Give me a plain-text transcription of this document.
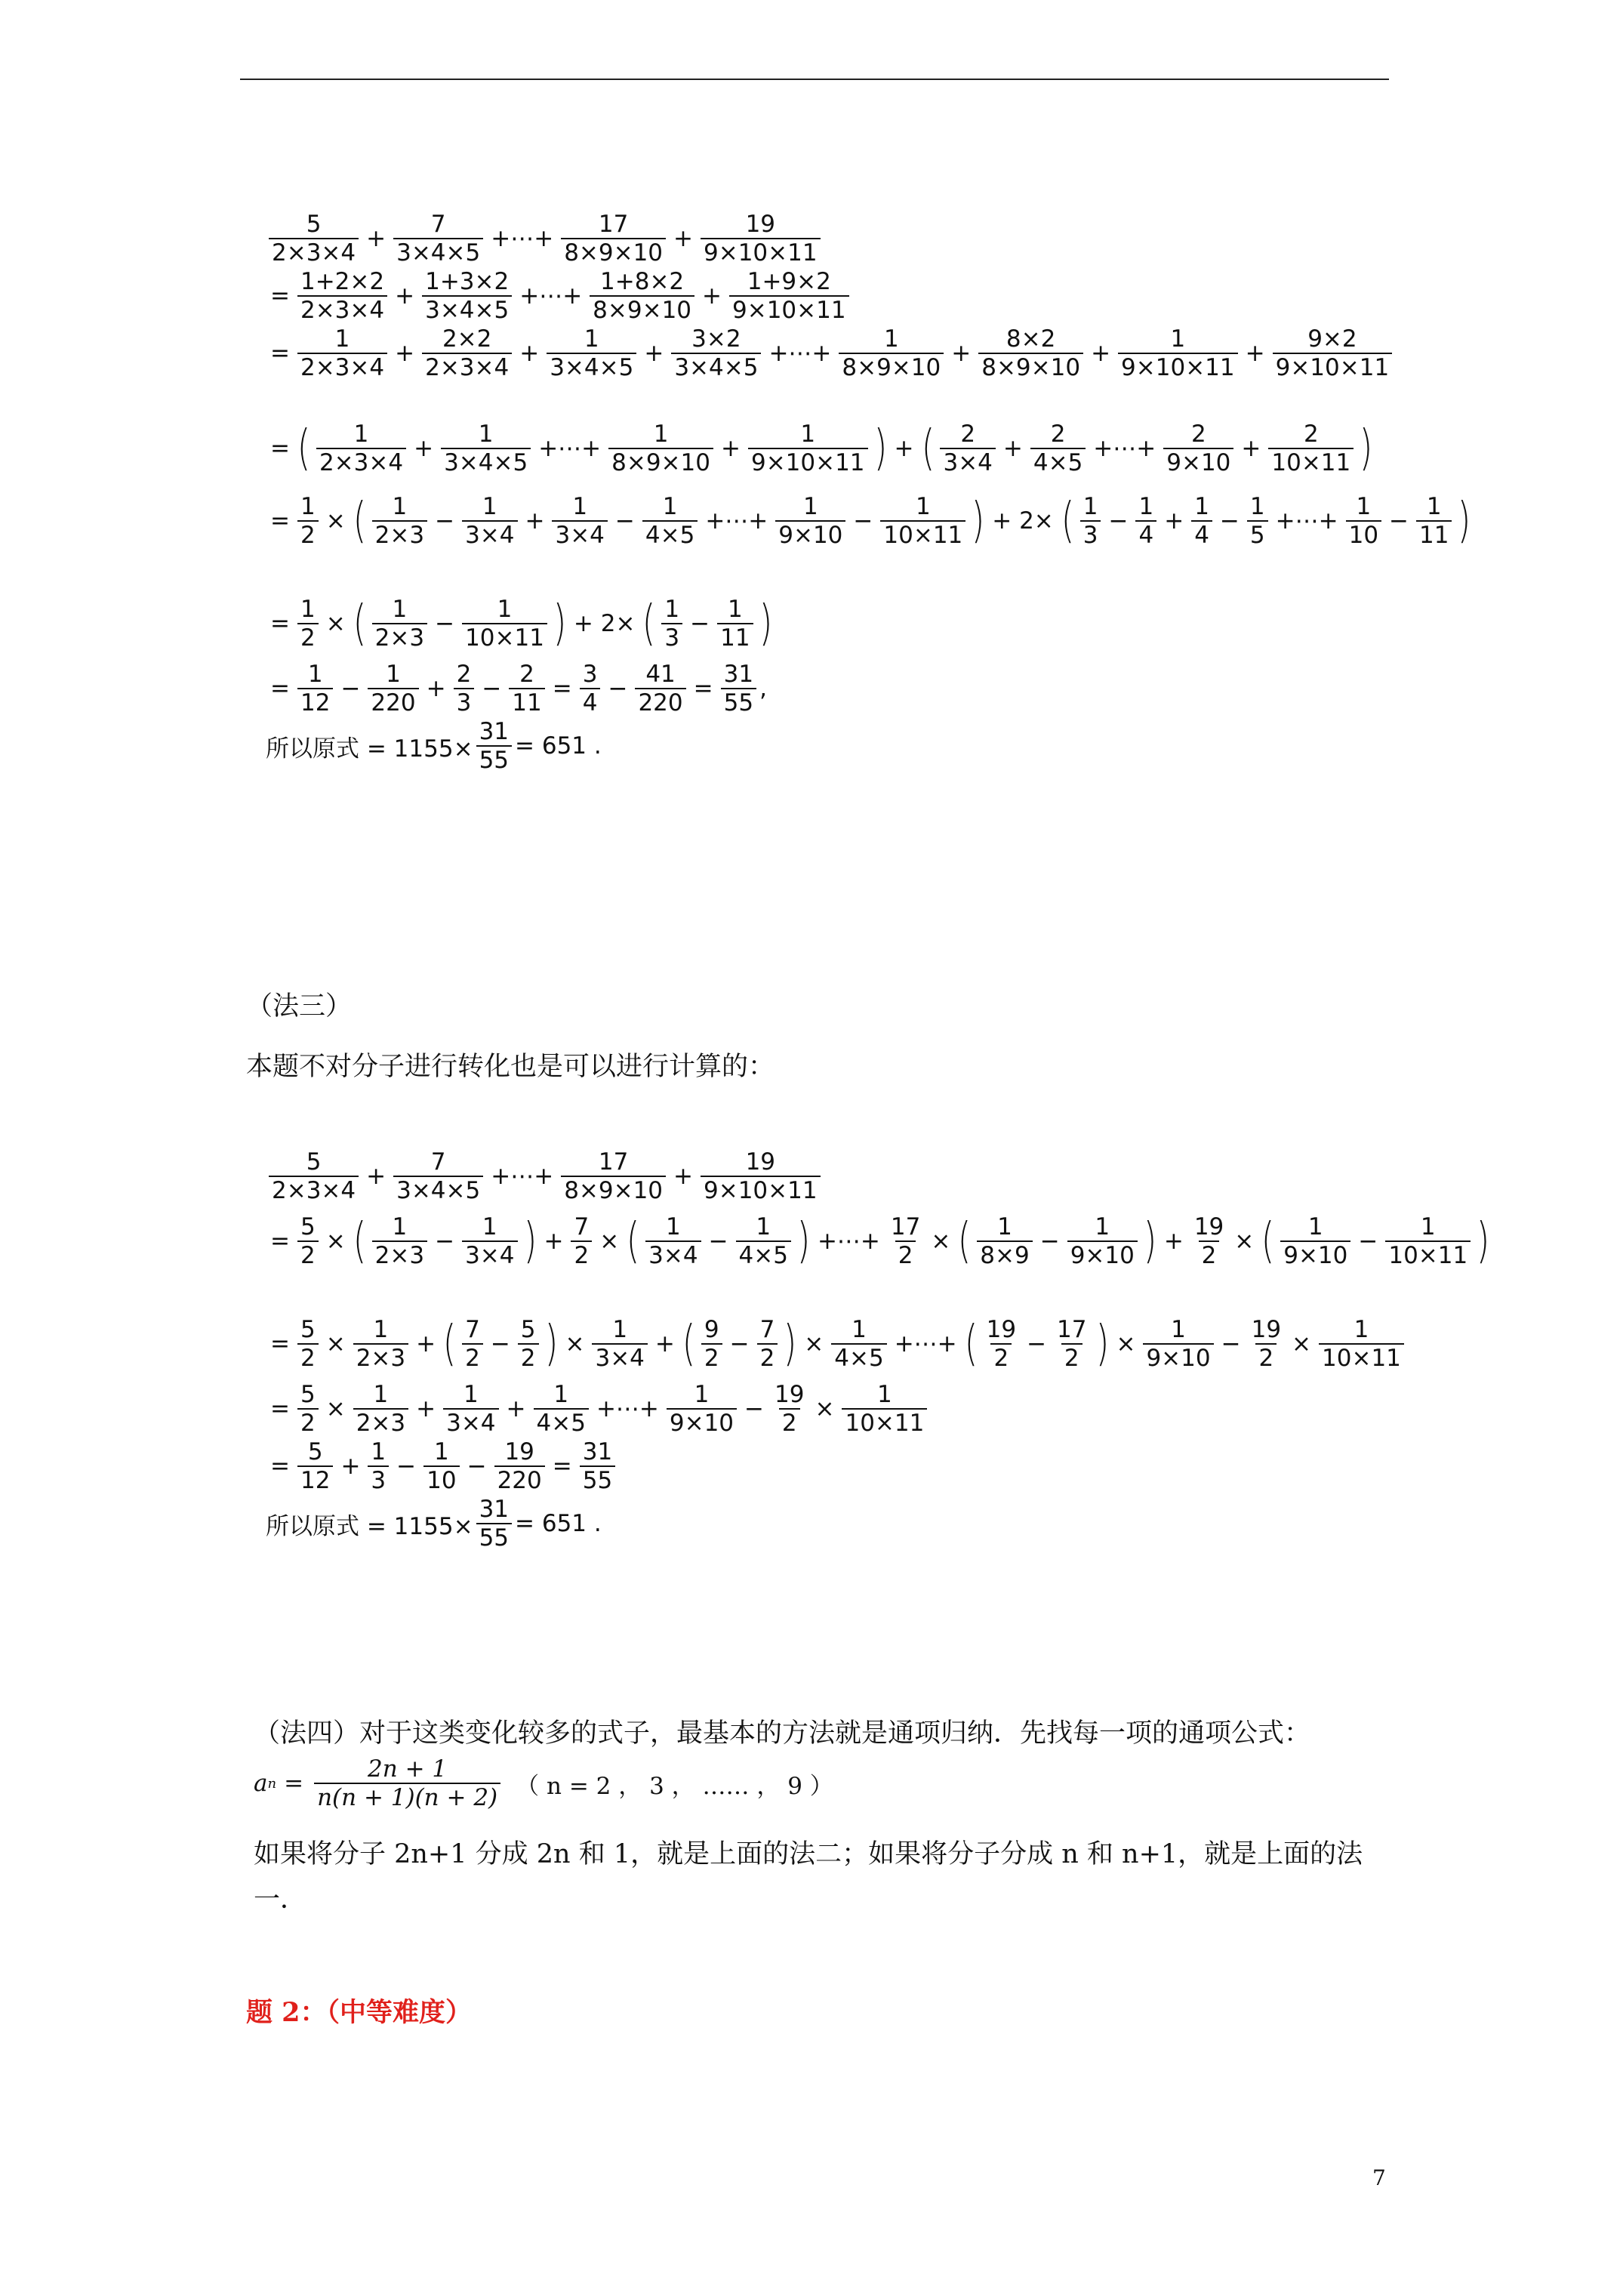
$\frac{5}{2\times 3\times 4} + \frac{7}{3\times 4\times 5}$ +⋯+ $\frac{17}{8\times 9\times 10} + \frac{19}{9\times 10\times 11}$
= $\frac{1+2\times 2}{2\times 3\times 4} + \frac{1+3\times 2}{3\times 4\times 5}$ +⋯+ $\frac{1+8\times 2}{8\times 9\times 10} + \frac{1+9\times 2}{9\times 10\times 11}$
= $\frac{1}{2\times 3\times 4} + \frac{2\times 2}{2\times 3\times 4} + \frac{1}{3\times 4\times 5} + \frac{3\times 2}{3\times 4\times 5}$ +⋯+ $\frac{1}{8\times 9\times 10} + \frac{8\times 2}{8\times 9\times 10} + \frac{1}{9\times 10\times 11} + \frac{9\times 2}{9\times 10\times 11}$
= ( $\frac{1}{2\times 3\times 4} + \frac{1}{3\times 4\times 5}$ +⋯+ $\frac{1}{8\times 9\times 10} + \frac{1}{9\times 10\times 11}$ ) + ( $\frac{2}{3\times 4} + \frac{2}{4\times 5}$ +⋯+ $\frac{2}{9\times 10} + \frac{2}{10\times 11}$ )
= $\frac{1}{2}$ × ( $\frac{1}{2\times 3} - \frac{1}{3\times 4} + \frac{1}{3\times 4} - \frac{1}{4\times 5}$ +⋯+ $\frac{1}{9\times 10} - \frac{1}{10\times 11}$ ) + 2× ( $\frac{1}{3} - \frac{1}{4} + \frac{1}{4} - \frac{1}{5}$ +⋯+ $\frac{1}{10} - \frac{1}{11}$ )
= $\frac{1}{2}$ × ( $\frac{1}{2\times 3} - \frac{1}{10\times 11}$ ) + 2× ( $\frac{1}{3} - \frac{1}{11}$ )
= $\frac{1}{12} - \frac{1}{220} + \frac{2}{3} - \frac{2}{11} = \frac{3}{4} - \frac{41}{220} = \frac{31}{55}$ ,
所以原式 = $1155\times \frac{31}{55} = 651$ .
（法三）
本题不对分子进行转化也是可以进行计算的：
$\frac{5}{2\times 3\times 4} + \frac{7}{3\times 4\times 5}$ +⋯+ $\frac{17}{8\times 9\times 10} + \frac{19}{9\times 10\times 11}$
= $\frac{5}{2}$ × ( $\frac{1}{2\times 3} - \frac{1}{3\times 4}$ ) + $\frac{7}{2}$ × ( $\frac{1}{3\times 4} - \frac{1}{4\times 5}$ ) +⋯+ $\frac{17}{2}$ × ( $\frac{1}{8\times 9} - \frac{1}{9\times 10}$ ) + $\frac{19}{2}$ × ( $\frac{1}{9\times 10} - \frac{1}{10\times 11}$ )
= $\frac{5}{2} \times \frac{1}{2\times 3}$ + ( $\frac{7}{2} - \frac{5}{2}$ ) × $\frac{1}{3\times 4}$ + ( $\frac{9}{2} - \frac{7}{2}$ ) × $\frac{1}{4\times 5}$ +⋯+ ( $\frac{19}{2} - \frac{17}{2}$ ) × $\frac{1}{9\times 10} - \frac{19}{2} \times \frac{1}{10\times 11}$
= $\frac{5}{2} \times \frac{1}{2\times 3} + \frac{1}{3\times 4} + \frac{1}{4\times 5}$ +⋯+ $\frac{1}{9\times 10} - \frac{19}{2} \times \frac{1}{10\times 11}$
= $\frac{5}{12} + \frac{1}{3} - \frac{1}{10} - \frac{19}{220} = \frac{31}{55}$
所以原式 = $1155\times \frac{31}{55} = 651$ .
（法四）对于这类变化较多的式子，最基本的方法就是通项归纳．先找每一项的通项公式：
a $n = \frac{2n + 1}{n(n + 1)(n + 2)}$ （ n = 2 ， 3 ， …… ， 9 ）
如果将分子 2n+1 分成 2n 和 1，就是上面的法二；如果将分子分成 n 和 n+1，就是上面的法
一．
题 2：（中等难度）
7
